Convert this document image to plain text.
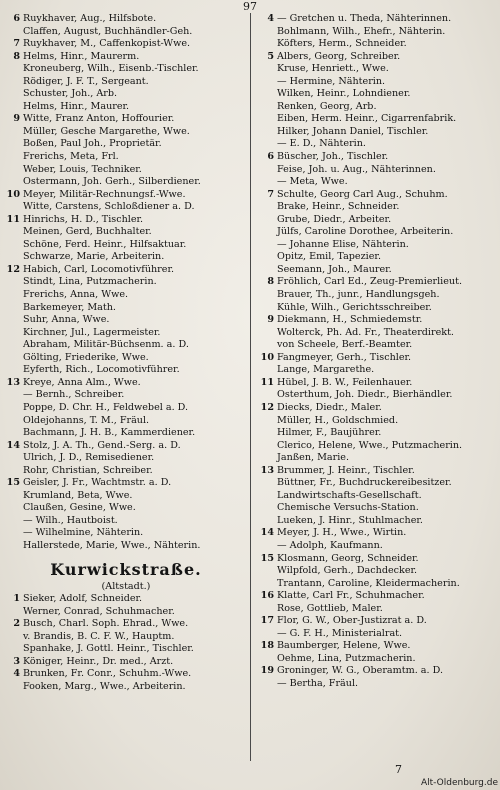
97
6 Ruykhaver, Aug., Hilfsbote.
Claffen, August, Buchhändler-Geh.
7 Ruykhaver, M., Caffenkopist-Wwe.
8 Helms, Hinr., Maurerm.
Kroneuberg, Wilh., Eisenb.-Tischler.
Rödiger, J. F. T., Sergeant.
Schuster, Joh., Arb.
Helms, Hinr., Maurer.
9 Witte, Franz Anton, Hoffourier.
Müller, Gesche Margarethe, Wwe.
Boßen, Paul Joh., Proprietär.
Frerichs, Meta, Frl.
Weber, Louis, Techniker.
Ostermann, Joh. Gerh., Silberdiener.
10 Meyer, Militär-Rechnungsf.-Wwe.
Witte, Carstens, Schloßdiener a. D.
11 Hinrichs, H. D., Tischler.
Meinen, Gerd, Buchhalter.
Schöne, Ferd. Heinr., Hilfsaktuar.
Schwarze, Marie, Arbeiterin.
12 Habich, Carl, Locomotivführer.
Stindt, Lina, Putzmacherin.
Frerichs, Anna, Wwe.
Barkemeyer, Math.
Suhr, Anna, Wwe.
Kirchner, Jul., Lagermeister.
Abraham, Militär-Büchsenm. a. D.
Gölting, Friederike, Wwe.
Eyferth, Rich., Locomotivführer.
13 Kreye, Anna Alm., Wwe.
— Bernh., Schreiber.
Poppe, D. Chr. H., Feldwebel a. D.
Oldejohanns, T. M., Fräul.
Bachmann, J. H. B., Kammerdiener.
14 Stolz, J. A. Th., Gend.-Serg. a. D.
Ulrich, J. D., Remisediener.
Rohr, Christian, Schreiber.
15 Geisler, J. Fr., Wachtmstr. a. D.
Krumland, Beta, Wwe.
Claußen, Gesine, Wwe.
— Wilh., Hautboist.
— Wilhelmine, Nähterin.
Hallerstede, Marie, Wwe., Nähterin.
Kurwickstraße.
(Altstadt.)
1 Sieker, Adolf, Schneider.
Werner, Conrad, Schuhmacher.
2 Busch, Charl. Soph. Ehrad., Wwe.
v. Brandis, B. C. F. W., Hauptm.
Spanhake, J. Gottl. Heinr., Tischler.
3 Königer, Heinr., Dr. med., Arzt.
4 Brunken, Fr. Conr., Schuhm.-Wwe.
Fooken, Marg., Wwe., Arbeiterin.
4 — Gretchen u. Theda, Nähterinnen.
Bohlmann, Wilh., Ehefr., Nähterin.
Köfters, Herm., Schneider.
5 Albers, Georg, Schreiber.
Kruse, Henriett., Wwe.
— Hermine, Nähterin.
Wilken, Heinr., Lohndiener.
Renken, Georg, Arb.
Eiben, Herm. Heinr., Cigarrenfabrik.
Hilker, Johann Daniel, Tischler.
— E. D., Nähterin.
6 Büscher, Joh., Tischler.
Feise, Joh. u. Aug., Nähterinnen.
— Meta, Wwe.
7 Schulte, Georg Carl Aug., Schuhm.
Brake, Heinr., Schneider.
Grube, Diedr., Arbeiter.
Jülfs, Caroline Dorothee, Arbeiterin.
— Johanne Elise, Nähterin.
Opitz, Emil, Tapezier.
Seemann, Joh., Maurer.
8 Fröhlich, Carl Ed., Zeug-Premierlieut.
Brauer, Th., junr., Handlungsgeh.
Kühle, Wilh., Gerichtsschreiber.
9 Diekmann, H., Schmiedemstr.
Wolterck, Ph. Ad. Fr., Theaterdirekt.
von Scheele, Berf.-Beamter.
10 Fangmeyer, Gerh., Tischler.
Lange, Margarethe.
11 Hübel, J. B. W., Feilenhauer.
Osterthum, Joh. Diedr., Bierhändler.
12 Diecks, Diedr., Maler.
Müller, H., Goldschmied.
Hilmer, F., Baujührer.
Clerico, Helene, Wwe., Putzmacherin.
Janßen, Marie.
13 Brummer, J. Heinr., Tischler.
Büttner, Fr., Buchdruckereibesitzer.
Landwirtschafts-Gesellschaft.
Chemische Versuchs-Station.
Lueken, J. Hinr., Stuhlmacher.
14 Meyer, J. H., Wwe., Wirtin.
— Adolph, Kaufmann.
15 Klosmann, Georg, Schneider.
Wilpfold, Gerh., Dachdecker.
Trantann, Caroline, Kleidermacherin.
16 Klatte, Carl Fr., Schuhmacher.
Rose, Gottlieb, Maler.
17 Flor, G. W., Ober-Justizrat a. D.
— G. F. H., Ministerialrat.
18 Baumberger, Helene, Wwe.
Oehme, Lina, Putzmacherin.
19 Groninger, W. G., Oberamtm. a. D.
— Bertha, Fräul.
7
Alt-Oldenburg.de
